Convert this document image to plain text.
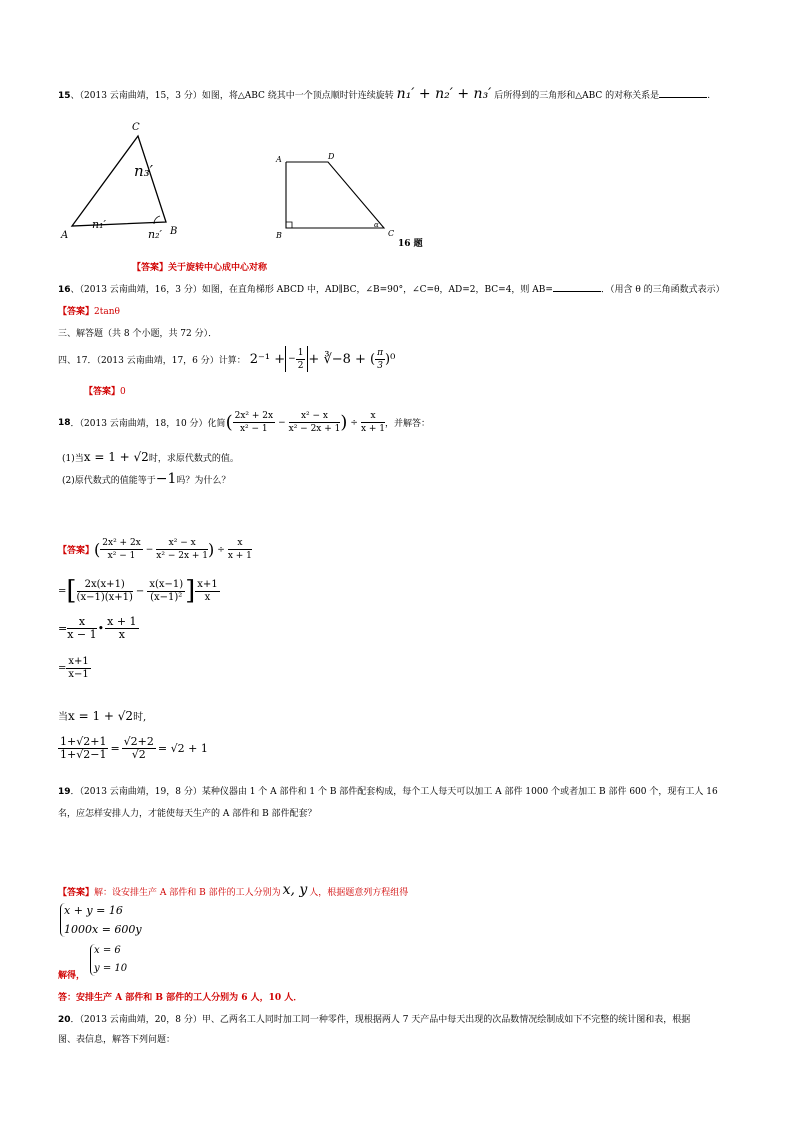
15、（2013 云南曲靖，15，3 分）如图，将△ABC 绕其中一个顶点顺时针连续旋转 n₁′ + n₂′ + n₃′ 后所得到的三角形和△ABC 的对称关系是	.
C
A	B
n₃′
n₁′
n₂′
A	D
B	C
α
16 题
【答案】关于旋转中心成中心对称
16、（2013 云南曲靖，16，3 分）如图，在直角梯形 ABCD 中，AD∥BC，∠B=90°，∠C=θ，AD=2，BC=4，则 AB=	．（用含 θ 的三角函数式表示）
【答案】2tanθ
三、解答题（共 8 个小题，共 72 分）．
四、17．（2013 云南曲靖，17，6 分）计算： 2⁻¹ + − $\frac{1}{2}$ + ∛−8 + ( $\frac{\pi}{3} )^0$
【答案】0
18 ．（2013 云南曲靖，18，10 分）化简 ( $\frac{\text{2x² + 2x}}{\text{x² − 1}} - \frac{\text{x² − x}}{\text{x² − 2x + 1}}$ ) ÷ $\frac{x}{x + 1}$ ，并解答：
(1)当x = 1 + √2时，求原代数式的值。
(2)原代数式的值能等于−1吗？为什么？
【答案】 ( $\frac{\text{2x² + 2x}}{\text{x² − 1}} - \frac{\text{x² − x}}{\text{x² − 2x + 1}}$ ) ÷ $\frac{x}{x + 1}$
= [ $\frac{2x(x+1)}{(x-1)(x+1)} - \frac{x(x-1)}{\text{(x−1)²}}$ ] $\frac{x+1}{x}$
= $\frac{x}{x - 1}$ • $\frac{x + 1}{x}$
= $\frac{x+1}{x-1}$
当x = 1 + √2时,
$\frac{1+√2+1}{1+√2-1} = \frac{√2+2}{√2} = √2 + 1$
19．（2013 云南曲靖，19，8 分）某种仪器由 1 个 A 部件和 1 个 B 部件配套构成，每个工人每天可以加工 A 部件 1000 个或者加工 B 部件 600 个，现有工人 16
名，应怎样安排人力，才能使每天生产的 A 部件和 B 部件配套？
【答案】 解：设安排生产 A 部件和 B 部件的工人分别为 x, y 人，根据题意列方程组得
x + y = 16
1000x = 600y
x = 6
y = 10
解得，
答：安排生产 A 部件和 B 部件的工人分别为 6 人，10 人．
20．（2013 云南曲靖，20，8 分）甲、乙两名工人同时加工同一种零件，现根据两人 7 天产品中每天出现的次品数情况绘制成如下不完整的统计图和表，根据
图、表信息，解答下列问题：
